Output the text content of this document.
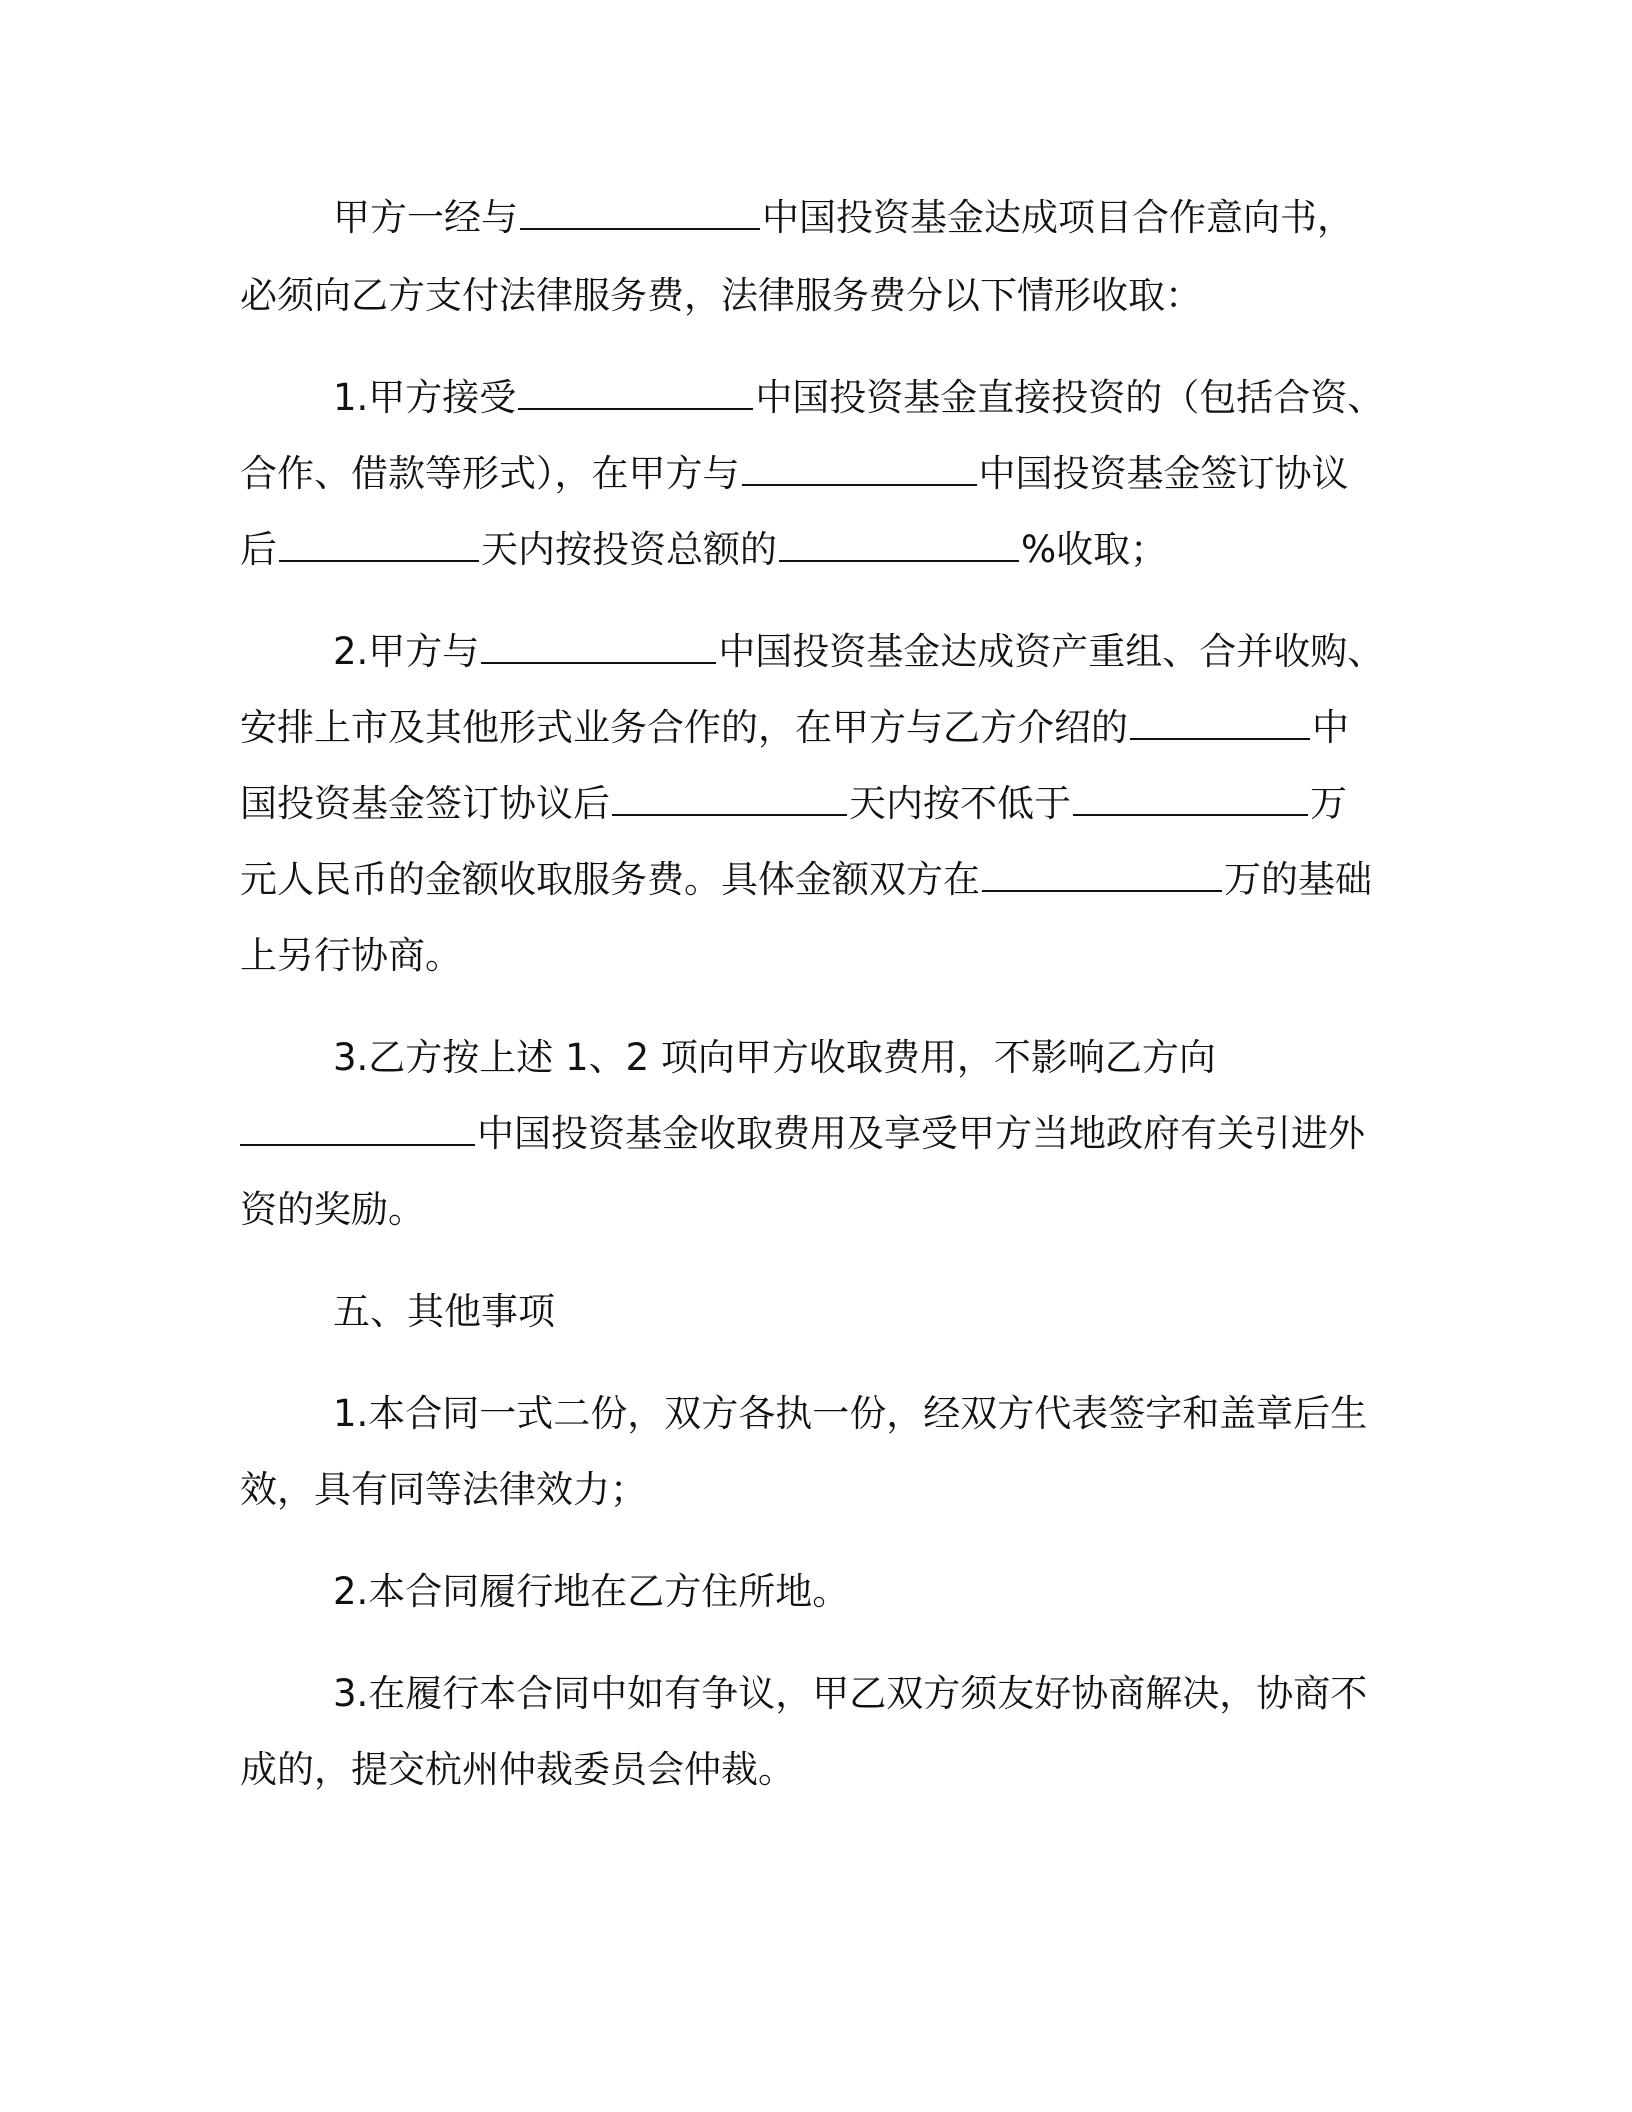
甲方一经与	中国投资基金达成项目合作意向书，

必须向乙方支付法律服务费，法律服务费分以下情形收取：

1.甲方接受	中国投资基金直接投资的（包括合资、

合作、借款等形式），在甲方与	中国投资基金签订协议

后	天内按投资总额的	%收取；

2.甲方与	中国投资基金达成资产重组、合并收购、

安排上市及其他形式业务合作的，在甲方与乙方介绍的	中

国投资基金签订协议后	天内按不低于	万

元人民币的金额收取服务费。具体金额双方在	万的基础

上另行协商。

3.乙方按上述 1、2 项向甲方收取费用，不影响乙方向

中国投资基金收取费用及享受甲方当地政府有关引进外

资的奖励。

五、其他事项

1.本合同一式二份，双方各执一份，经双方代表签字和盖章后生

效，具有同等法律效力；

2.本合同履行地在乙方住所地。

3.在履行本合同中如有争议，甲乙双方须友好协商解决，协商不

成的，提交杭州仲裁委员会仲裁。
